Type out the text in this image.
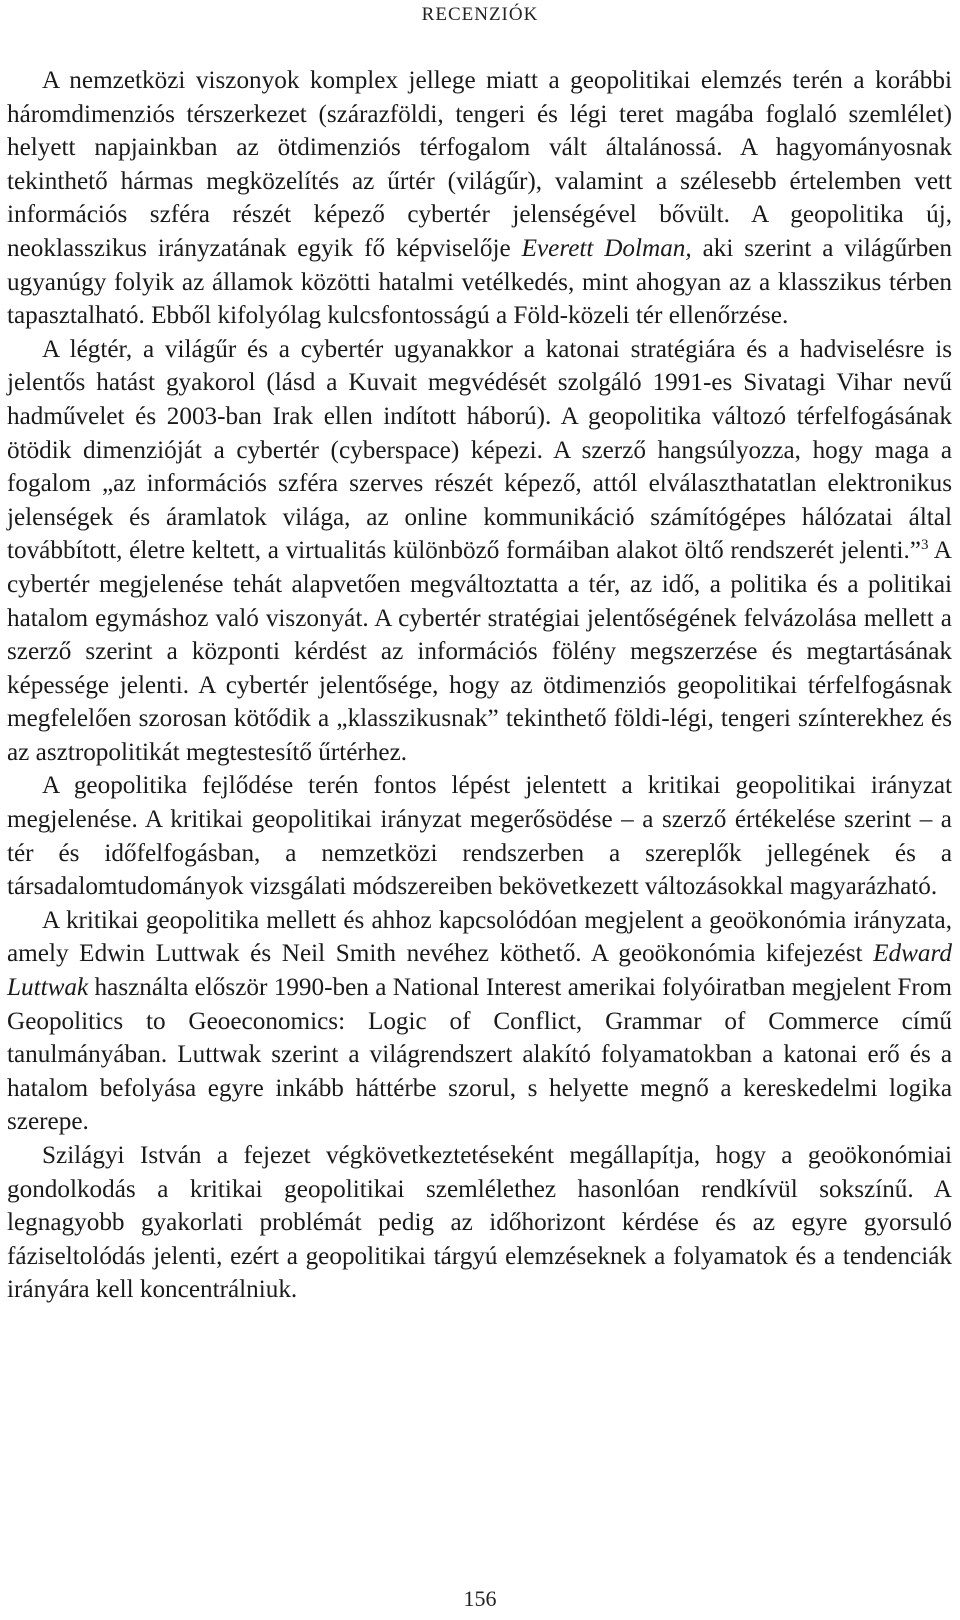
RECENZIÓK

A nemzetközi viszonyok komplex jellege miatt a geopolitikai elemzés terén a korábbi háromdimenziós térszerkezet (szárazföldi, tengeri és légi teret magába foglaló szemlélet) helyett napjainkban az ötdimenziós térfogalom vált általánossá. A hagyományosnak tekinthető hármas megközelítés az űrtér (világűr), valamint a szélesebb értelemben vett információs szféra részét képező cybertér jelenségével bővült. A geopolitika új, neoklasszikus irányzatának egyik fő képviselője Everett Dolman, aki szerint a világűrben ugyanúgy folyik az államok közötti hatalmi vetélkedés, mint ahogyan az a klasszikus térben tapasztalható. Ebből kifolyólag kulcsfontosságú a Föld-közeli tér ellenőrzése.

A légtér, a világűr és a cybertér ugyanakkor a katonai stratégiára és a hadviselésre is jelentős hatást gyakorol (lásd a Kuvait megvédését szolgáló 1991-es Sivatagi Vihar nevű hadművelet és 2003-ban Irak ellen indított háború). A geopolitika változó térfelfogásának ötödik dimenzióját a cybertér (cyberspace) képezi. A szerző hangsúlyozza, hogy maga a fogalom „az információs szféra szerves részét képező, attól elválaszthatatlan elektronikus jelenségek és áramlatok világa, az online kommunikáció számítógépes hálózatai által továbbított, életre keltett, a virtualitás különböző formáiban alakot öltő rendszerét jelenti.”$^3$ A cybertér megjelenése tehát alapvetően megváltoztatta a tér, az idő, a politika és a politikai hatalom egymáshoz való viszonyát. A cybertér stratégiai jelentőségének felvázolása mellett a szerző szerint a központi kérdést az információs fölény megszerzése és megtartásának képessége jelenti. A cybertér jelentősége, hogy az ötdimenziós geopolitikai térfelfogásnak megfelelően szorosan kötődik a „klasszikusnak” tekinthető földi-légi, tengeri színterekhez és az asztropolitikát megtestesítő űrtérhez.

A geopolitika fejlődése terén fontos lépést jelentett a kritikai geopolitikai irányzat megjelenése. A kritikai geopolitikai irányzat megerősödése – a szerző értékelése szerint – a tér és időfelfogásban, a nemzetközi rendszerben a szereplők jellegének és a társadalomtudományok vizsgálati módszereiben bekövetkezett változásokkal magyarázható.

A kritikai geopolitika mellett és ahhoz kapcsolódóan megjelent a geoökonómia irányzata, amely Edwin Luttwak és Neil Smith nevéhez köthető. A geoökonómia kifejezést Edward Luttwak használta először 1990-ben a National Interest amerikai folyóiratban megjelent From Geopolitics to Geoeconomics: Logic of Conflict, Grammar of Commerce című tanulmányában. Luttwak szerint a világrendszert alakító folyamatokban a katonai erő és a hatalom befolyása egyre inkább háttérbe szorul, s helyette megnő a kereskedelmi logika szerepe.

Szilágyi István a fejezet végkövetkeztetéseként megállapítja, hogy a geoökonómiai gondolkodás a kritikai geopolitikai szemlélethez hasonlóan rendkívül sokszínű. A legnagyobb gyakorlati problémát pedig az időhorizont kérdése és az egyre gyorsuló fáziseltolódás jelenti, ezért a geopolitikai tárgyú elemzéseknek a folyamatok és a tendenciák irányára kell koncentrálniuk.

156
